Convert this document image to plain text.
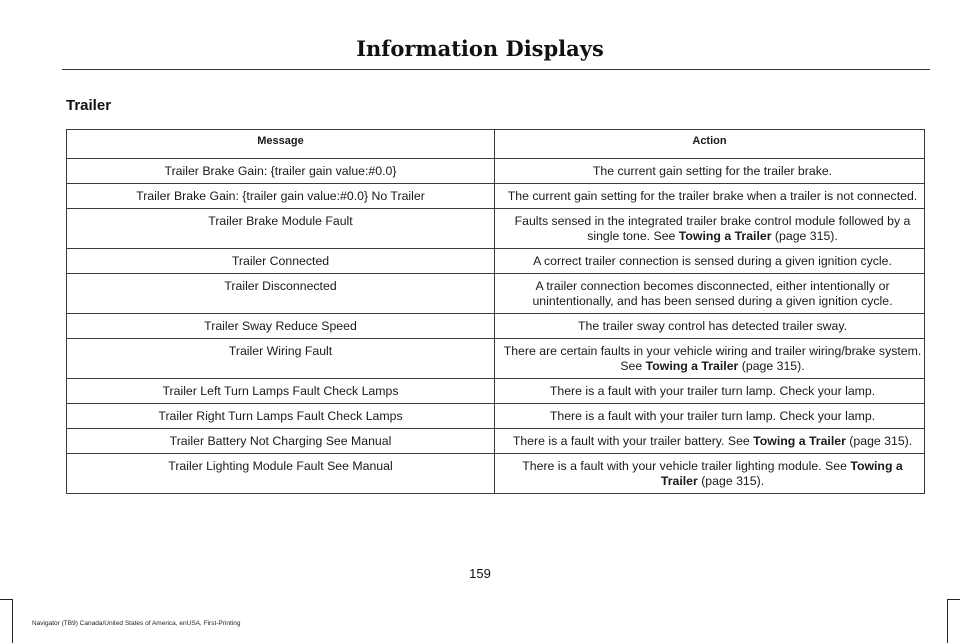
Information Displays
Trailer
Message	Action
Trailer Brake Gain: {trailer gain value:#0.0}	The current gain setting for the trailer brake.
Trailer Brake Gain: {trailer gain value:#0.0} No Trailer	The current gain setting for the trailer brake when a trailer is not connected.
Trailer Brake Module Fault	Faults sensed in the integrated trailer brake control module followed by a single tone. See Towing a Trailer (page 315).
Trailer Connected	A correct trailer connection is sensed during a given ignition cycle.
Trailer Disconnected	A trailer connection becomes disconnected, either intentionally or unintentionally, and has been sensed during a given ignition cycle.
Trailer Sway Reduce Speed	The trailer sway control has detected trailer sway.
Trailer Wiring Fault	There are certain faults in your vehicle wiring and trailer wiring/brake system. See Towing a Trailer (page 315).
Trailer Left Turn Lamps Fault Check Lamps	There is a fault with your trailer turn lamp. Check your lamp.
Trailer Right Turn Lamps Fault Check Lamps	There is a fault with your trailer turn lamp. Check your lamp.
Trailer Battery Not Charging See Manual	There is a fault with your trailer battery. See Towing a Trailer (page 315).
Trailer Lighting Module Fault See Manual	There is a fault with your vehicle trailer lighting module. See Towing a Trailer (page 315).
159
Navigator (TB9) Canada/United States of America, enUSA, First-Printing
